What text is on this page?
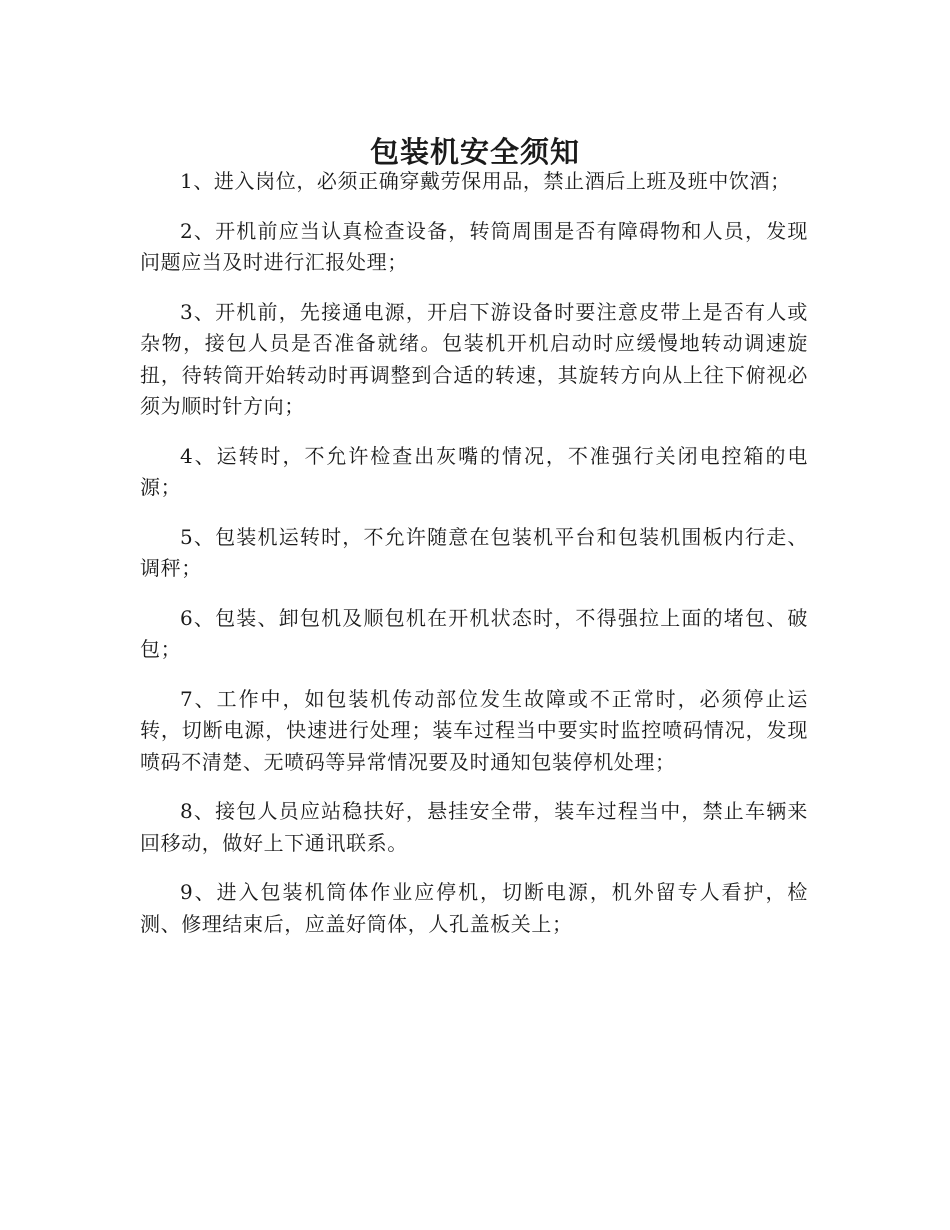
包装机安全须知

1、进入岗位，必须正确穿戴劳保用品，禁止酒后上班及班中饮酒；

2、开机前应当认真检查设备，转筒周围是否有障碍物和人员，发现问题应当及时进行汇报处理；

3、开机前，先接通电源，开启下游设备时要注意皮带上是否有人或杂物，接包人员是否准备就绪。包装机开机启动时应缓慢地转动调速旋扭，待转筒开始转动时再调整到合适的转速，其旋转方向从上往下俯视必须为顺时针方向；

4、运转时，不允许检查出灰嘴的情况，不准强行关闭电控箱的电源；

5、包装机运转时，不允许随意在包装机平台和包装机围板内行走、调秤；

6、包装、卸包机及顺包机在开机状态时，不得强拉上面的堵包、破包；

7、工作中，如包装机传动部位发生故障或不正常时，必须停止运转，切断电源，快速进行处理；装车过程当中要实时监控喷码情况，发现喷码不清楚、无喷码等异常情况要及时通知包装停机处理；

8、接包人员应站稳扶好，悬挂安全带，装车过程当中，禁止车辆来回移动，做好上下通讯联系。

9、进入包装机筒体作业应停机，切断电源，机外留专人看护，检测、修理结束后，应盖好筒体，人孔盖板关上；
